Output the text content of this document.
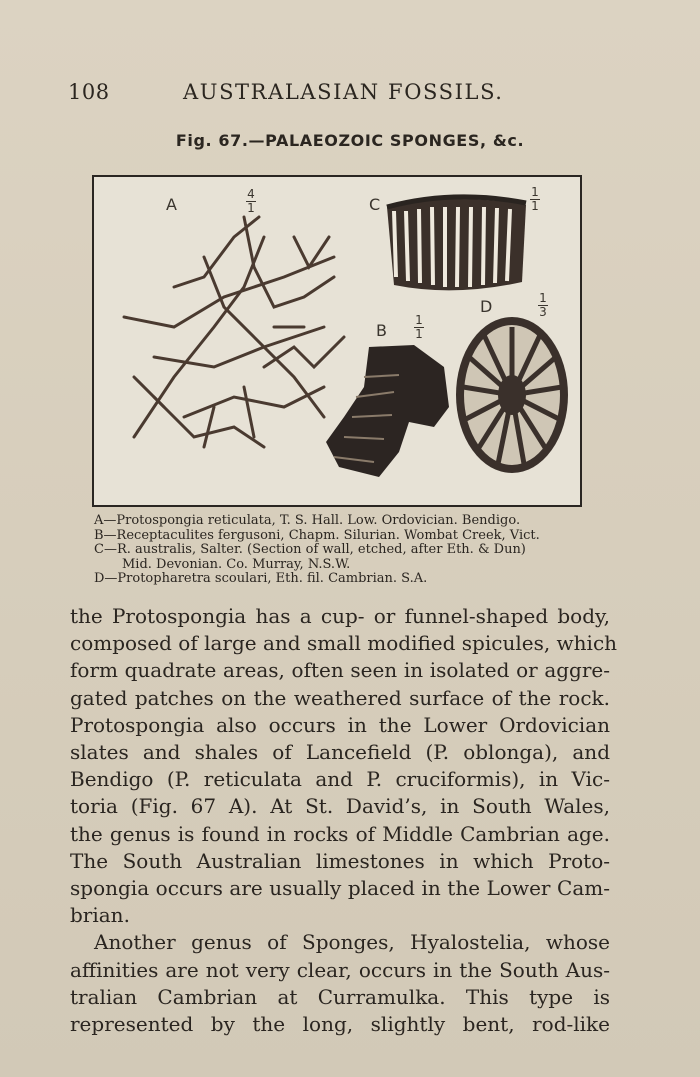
108	AUSTRALASIAN FOSSILS.
Fig. 67.—PALAEOZOIC SPONGES, &c.
A
4
1	C
1
1
D	1
3
B
1
1
A—Protospongia reticulata, T. S. Hall. Low. Ordovician. Bendigo.
B—Receptaculites fergusoni, Chapm. Silurian. Wombat Creek, Vict.
C—R. australis, Salter. (Section of wall, etched, after Eth. & Dun)
Mid. Devonian. Co. Murray, N.S.W.
D—Protopharetra scoulari, Eth. fil. Cambrian. S.A.
the Protospongia has a cup- or funnel-shaped body,
composed of large and small modified spicules, which
form quadrate areas, often seen in isolated or aggre-
gated patches on the weathered surface of the rock.
Protospongia also occurs in the Lower Ordovician
slates and shales of Lancefield (P. oblonga), and
Bendigo (P. reticulata and P. cruciformis), in Vic-
toria (Fig. 67 A). At St. David’s, in South Wales,
the genus is found in rocks of Middle Cambrian age.
The South Australian limestones in which Proto-
spongia occurs are usually placed in the Lower Cam-
brian.
Another genus of Sponges, Hyalostelia, whose
affinities are not very clear, occurs in the South Aus-
tralian Cambrian at Curramulka. This type is
represented by the long, slightly bent, rod-like
